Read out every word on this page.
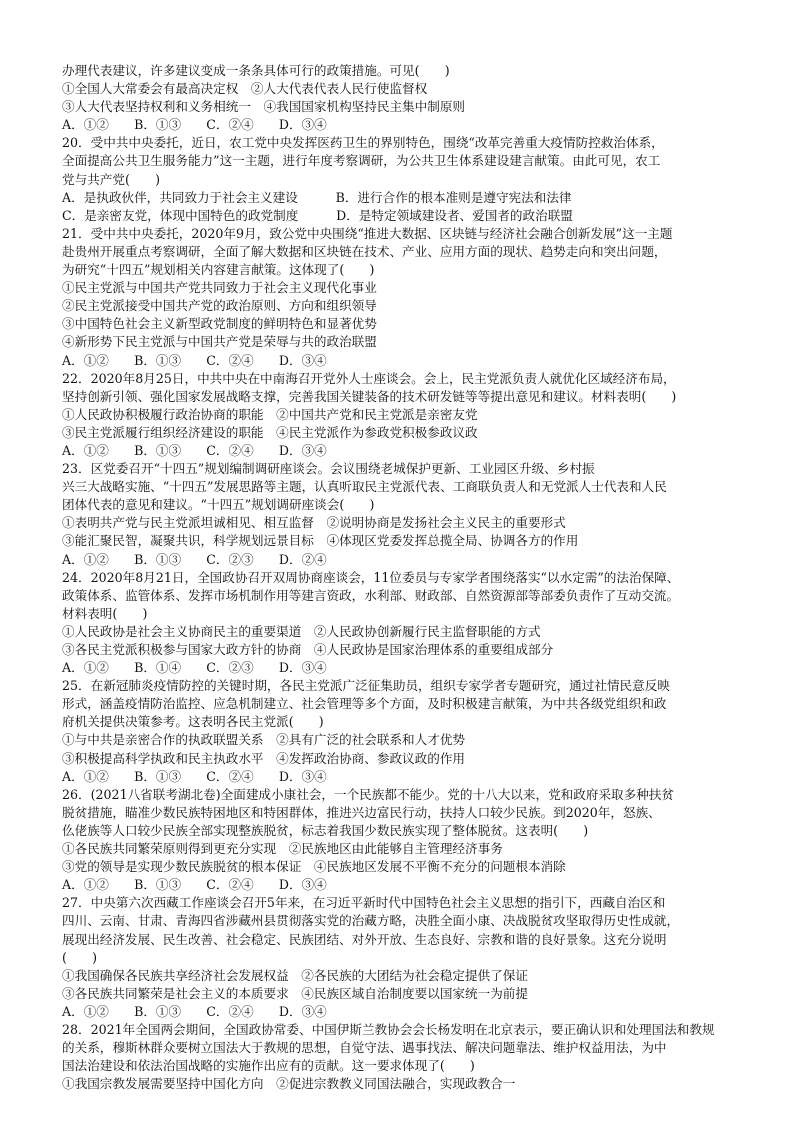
办理代表建议，许多建议变成一条条具体可行的政策措施。可见(　　)
①全国人大常委会有最高决定权　②人大代表代表人民行使监督权
③人大代表坚持权利和义务相统一　④我国国家机构坚持民主集中制原则
A．①②　　B．①③　　C．②④　　D．③④
20．受中共中央委托，近日，农工党中央发挥医药卫生的界别特色，围绕“改革完善重大疫情防控救治体系，
全面提高公共卫生服务能力”这一主题，进行年度考察调研，为公共卫生体系建设建言献策。由此可见，农工
党与共产党(　　)
A．是执政伙伴，共同致力于社会主义建设　　　B．进行合作的根本准则是遵守宪法和法律
C．是亲密友党，体现中国特色的政党制度　　　D．是特定领域建设者、爱国者的政治联盟
21．受中共中央委托，2020年9月，致公党中央围绕“推进大数据、区块链与经济社会融合创新发展”这一主题
赴贵州开展重点考察调研，全面了解大数据和区块链在技术、产业、应用方面的现状、趋势走向和突出问题，
为研究“十四五”规划相关内容建言献策。这体现了(　　)
①民主党派与中国共产党共同致力于社会主义现代化事业
②民主党派接受中国共产党的政治原则、方向和组织领导
③中国特色社会主义新型政党制度的鲜明特色和显著优势
④新形势下民主党派与中国共产党是荣辱与共的政治联盟
A．①②　　B．①③　　C．②④　　D．③④
22．2020年8月25日，中共中央在中南海召开党外人士座谈会。会上，民主党派负责人就优化区域经济布局，
坚持创新引领、强化国家发展战略支撑，完善我国关键装备的技术研发链等等提出意见和建议。材料表明(　　)
①人民政协积极履行政治协商的职能　②中国共产党和民主党派是亲密友党
③民主党派履行组织经济建设的职能　④民主党派作为参政党积极参政议政
A．①②　　B．①③　　C．②④　　D．③④
23．区党委召开“十四五”规划编制调研座谈会。会议围绕老城保护更新、工业园区升级、乡村振
兴三大战略实施、“十四五”发展思路等主题，认真听取民主党派代表、工商联负责人和无党派人士代表和人民
团体代表的意见和建议。“十四五”规划调研座谈会(　　)
①表明共产党与民主党派坦诚相见、相互监督　②说明协商是发扬社会主义民主的重要形式
③能汇聚民智，凝聚共识，科学规划远景目标　④体现区党委发挥总揽全局、协调各方的作用
A．①②　　B．①③　　C．②③　　D．②④
24．2020年8月21日，全国政协召开双周协商座谈会，11位委员与专家学者围绕落实“以水定需”的法治保障、
政策体系、监管体系、发挥市场机制作用等建言资政，水利部、财政部、自然资源部等部委负责作了互动交流。
材料表明(　　)
①人民政协是社会主义协商民主的重要渠道　②人民政协创新履行民主监督职能的方式
③各民主党派积极参与国家大政方针的协商　④人民政协是国家治理体系的重要组成部分
A．①②　　B．①④　　C．②③　　D．③④
25．在新冠肺炎疫情防控的关键时期，各民主党派广泛征集助员，组织专家学者专题研究，通过社情民意反映
形式，涵盖疫情防治监控、应急机制建立、社会管理等多个方面，及时积极建言献策，为中共各级党组织和政
府机关提供决策参考。这表明各民主党派(　　)
①与中共是亲密合作的执政联盟关系　②具有广泛的社会联系和人才优势
③积极提高科学执政和民主执政水平　④发挥政治协商、参政议政的作用
A．①②　　B．①③　　C．②④　　D．③④
26．(2021八省联考湖北卷)全面建成小康社会，一个民族都不能少。党的十八大以来，党和政府采取多种扶贫
脱贫措施，瞄准少数民族特困地区和特困群体，推进兴边富民行动，扶持人口较少民族。到2020年，怒族、
仫佬族等人口较少民族全部实现整族脱贫，标志着我国少数民族实现了整体脱贫。这表明(　　)
①各民族共同繁荣原则得到更充分实现　②民族地区由此能够自主管理经济事务
③党的领导是实现少数民族脱贫的根本保证　④民族地区发展不平衡不充分的问题根本消除
A．①②　　B．①③　　C．②④　　D．③④
27．中央第六次西藏工作座谈会召开5年来，在习近平新时代中国特色社会主义思想的指引下，西藏自治区和
四川、云南、甘肃、青海四省涉藏州县贯彻落实党的治藏方略，决胜全面小康、决战脱贫攻坚取得历史性成就，
展现出经济发展、民生改善、社会稳定、民族团结、对外开放、生态良好、宗教和谐的良好景象。这充分说明
(　　)
①我国确保各民族共享经济社会发展权益　②各民族的大团结为社会稳定提供了保证
③各民族共同繁荣是社会主义的本质要求　④民族区域自治制度要以国家统一为前提
A．①②　　B．①③　　C．②④　　D．③④
28．2021年全国两会期间，全国政协常委、中国伊斯兰教协会会长杨发明在北京表示，要正确认识和处理国法和教规
的关系，穆斯林群众要树立国法大于教规的思想，自觉守法、遇事找法、解决问题靠法、维护权益用法，为中
国法治建设和依法治国战略的实施作出应有的贡献。这一要求体现了(　　)
①我国宗教发展需要坚持中国化方向　②促进宗教教义同国法融合，实现政教合一
